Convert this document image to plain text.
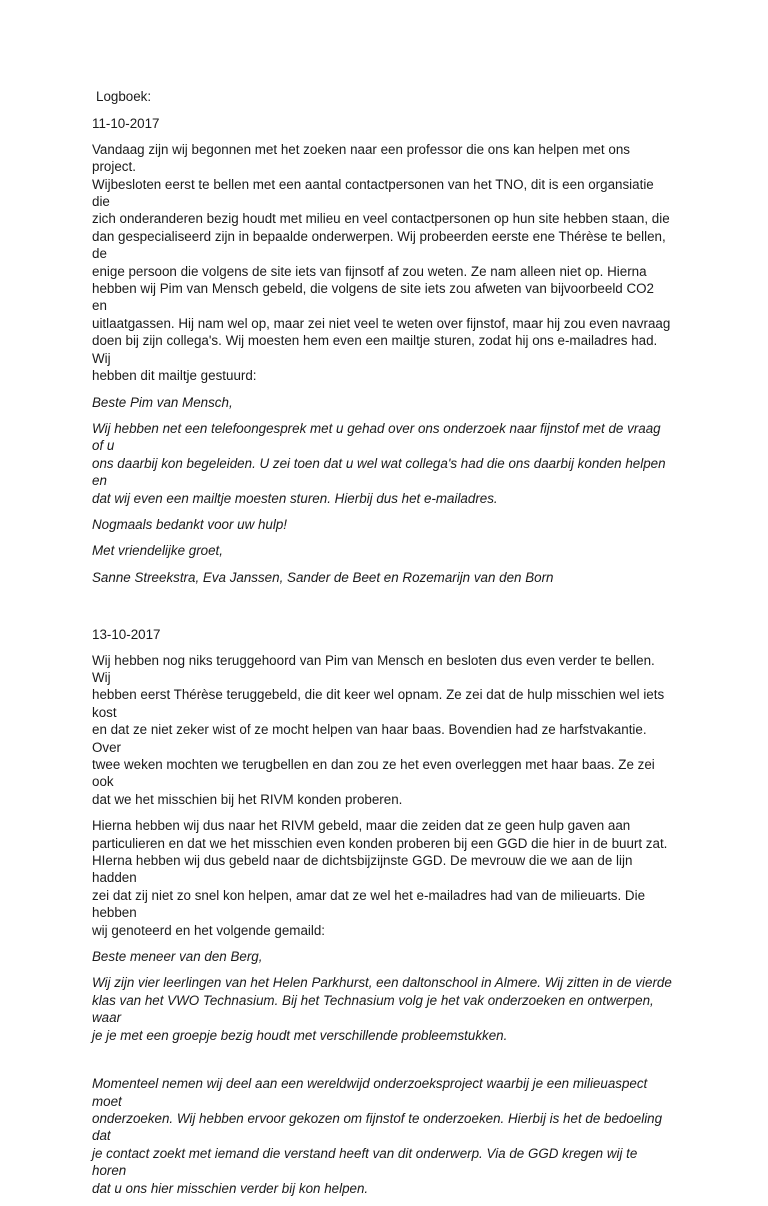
Logboek:
11-10-2017
Vandaag zijn wij begonnen met het zoeken naar een professor die ons kan helpen met ons project.
Wijbesloten eerst te bellen met een aantal contactpersonen van het TNO, dit is een organsiatie die
zich onderanderen bezig houdt met milieu en veel contactpersonen op hun site hebben staan, die
dan gespecialiseerd zijn in bepaalde onderwerpen. Wij probeerden eerste ene Thérèse te bellen, de
enige persoon die volgens de site iets van fijnsotf af zou weten. Ze nam alleen niet op. Hierna
hebben wij Pim van Mensch gebeld, die volgens de site iets zou afweten van bijvoorbeeld CO2 en
uitlaatgassen. Hij nam wel op, maar zei niet veel te weten over fijnstof, maar hij zou even navraag
doen bij zijn collega's. Wij moesten hem even een mailtje sturen, zodat hij ons e-mailadres had. Wij
hebben dit mailtje gestuurd:
Beste Pim van Mensch,
Wij hebben net een telefoongesprek met u gehad over ons onderzoek naar fijnstof met de vraag of u
ons daarbij kon begeleiden. U zei toen dat u wel wat collega's had die ons daarbij konden helpen en
dat wij even een mailtje moesten sturen. Hierbij dus het e-mailadres.
Nogmaals bedankt voor uw hulp!
Met vriendelijke groet,
Sanne Streekstra, Eva Janssen, Sander de Beet en Rozemarijn van den Born
13-10-2017
Wij hebben nog niks teruggehoord van Pim van Mensch en besloten dus even verder te bellen. Wij
hebben eerst Thérèse teruggebeld, die dit keer wel opnam. Ze zei dat de hulp misschien wel iets kost
en dat ze niet zeker wist of ze mocht helpen van haar baas. Bovendien had ze harfstvakantie. Over
twee weken mochten we terugbellen en dan zou ze het even overleggen met haar baas. Ze zei ook
dat we het misschien bij het RIVM konden proberen.
Hierna hebben wij dus naar het RIVM gebeld, maar die zeiden dat ze geen hulp gaven aan
particulieren en dat we het misschien even konden proberen bij een GGD die hier in de buurt zat.
HIerna hebben wij dus gebeld naar de dichtsbijzijnste GGD. De mevrouw die we aan de lijn hadden
zei dat zij niet zo snel kon helpen, amar dat ze wel het e-mailadres had van de milieuarts. Die hebben
wij genoteerd en het volgende gemaild:
Beste meneer van den Berg,
Wij zijn vier leerlingen van het Helen Parkhurst, een daltonschool in Almere. Wij zitten in de vierde
klas van het VWO Technasium. Bij het Technasium volg je het vak onderzoeken en ontwerpen, waar
je je met een groepje bezig houdt met verschillende probleemstukken.
Momenteel nemen wij deel aan een wereldwijd onderzoeksproject waarbij je een milieuaspect moet
onderzoeken. Wij hebben ervoor gekozen om fijnstof te onderzoeken. Hierbij is het de bedoeling dat
je contact zoekt met iemand die verstand heeft van dit onderwerp. Via de GGD kregen wij te horen
dat u ons hier misschien verder bij kon helpen.
